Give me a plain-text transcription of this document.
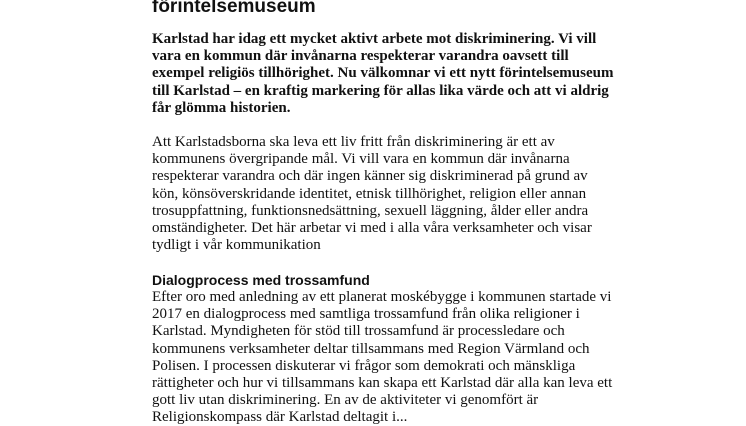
förintelsemuseum

Karlstad har idag ett mycket aktivt arbete mot diskriminering. Vi vill
vara en kommun där invånarna respekterar varandra oavsett till
exempel religiös tillhörighet. Nu välkomnar vi ett nytt förintelsemuseum
till Karlstad – en kraftig markering för allas lika värde och att vi aldrig
får glömma historien.

Att Karlstadsborna ska leva ett liv fritt från diskriminering är ett av
kommunens övergripande mål. Vi vill vara en kommun där invånarna
respekterar varandra och där ingen känner sig diskriminerad på grund av
kön, könsöverskridande identitet, etnisk tillhörighet, religion eller annan
trosuppfattning, funktionsnedsättning, sexuell läggning, ålder eller andra
omständigheter. Det här arbetar vi med i alla våra verksamheter och visar
tydligt i vår kommunikation

Dialogprocess med trossamfund

Efter oro med anledning av ett planerat moskébygge i kommunen startade vi
2017 en dialogprocess med samtliga trossamfund från olika religioner i
Karlstad. Myndigheten för stöd till trossamfund är processledare och
kommunens verksamheter deltar tillsammans med Region Värmland och
Polisen. I processen diskuterar vi frågor som demokrati och mänskliga
rättigheter och hur vi tillsammans kan skapa ett Karlstad där alla kan leva ett
gott liv utan diskriminering. En av de aktiviteter vi genomfört är

Religionskompass där Karlstad deltagit i...
